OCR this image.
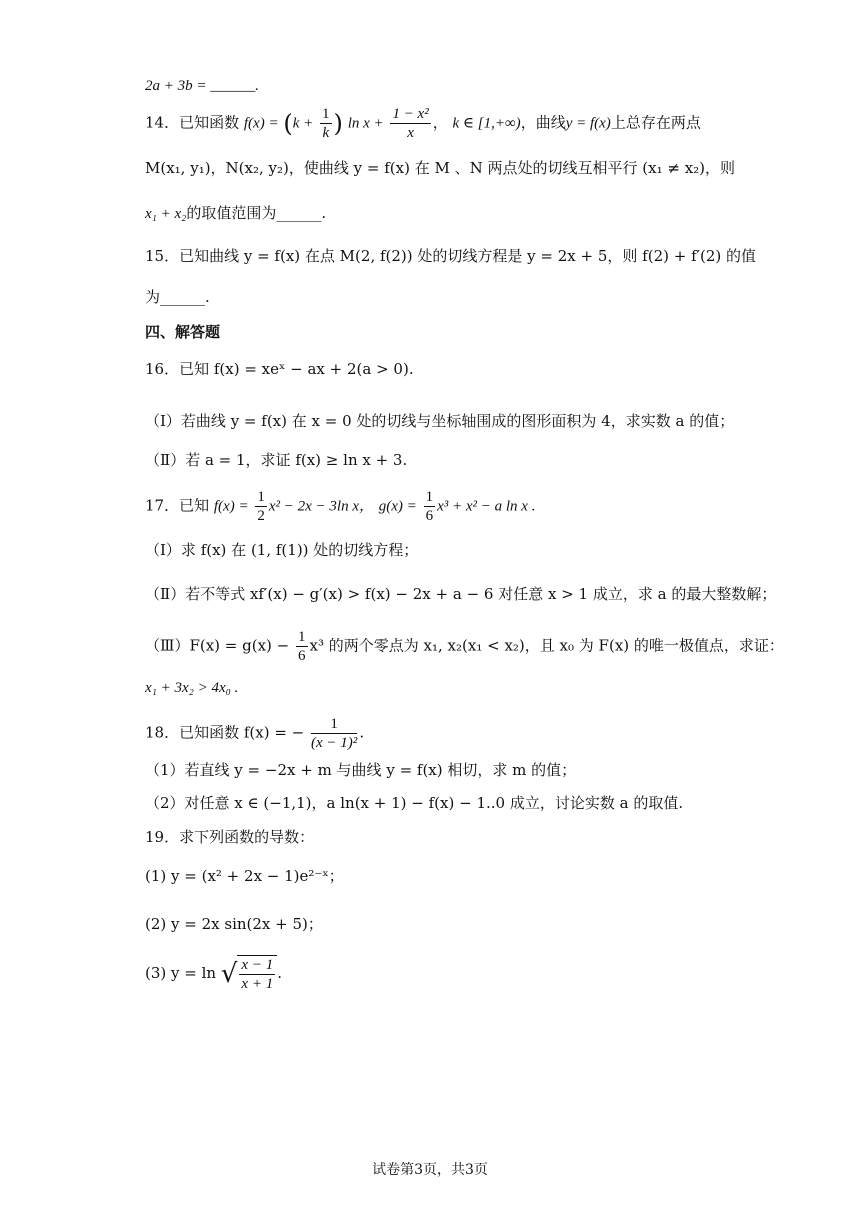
2a + 3b = ______.
14．已知函数 $f(x) = (k + \frac{1}{k}$ ) $\ln x + \frac{\text{1 − x²}}{x}$ ， k ∈ [1,+∞)，曲线y = f(x)上总存在两点
M(x₁, y₁)，N(x₂, y₂)，使曲线 y = f(x) 在 M 、N 两点处的切线互相平行 (x₁ ≠ x₂)，则
x₁ + x₂的取值范围为______.
15．已知曲线 y = f(x) 在点 M(2, f(2)) 处的切线方程是 y = 2x + 5，则 f(2) + f′(2) 的值
为______.
四、解答题
16．已知 f(x) = xeˣ − ax + 2(a > 0).
（Ⅰ）若曲线 y = f(x) 在 x = 0 处的切线与坐标轴围成的图形面积为 4，求实数 a 的值；
（Ⅱ）若 a = 1，求证 f(x) ≥ ln x + 3.
17．已知 $f(x) = \frac{1}{2} x^2 - 2x - 3\ln$ x， $g(x) = \frac{1}{6} x^3 + x^2 - a$ ln x .
（Ⅰ）求 f(x) 在 (1, f(1)) 处的切线方程；
（Ⅱ）若不等式 xf′(x) − g′(x) > f(x) − 2x + a − 6 对任意 x > 1 成立，求 a 的最大整数解；
（Ⅲ）F(x) = $g(x) - \frac{1}{6} x^3$ 的两个零点为 x₁, x₂(x₁ < x₂)，且 x₀ 为 F(x) 的唯一极值点，求证：
x₁ + 3x₂ > 4x₀ .
18．已知函数 f(x) = − $\frac{1}{\text{(x − 1)²}}$ .
（1）若直线 y = −2x + m 与曲线 y = f(x) 相切，求 m 的值；
（2）对任意 x ∈ (−1,1)，a ln(x + 1) − f(x) − 1..0 成立，讨论实数 a 的取值.
19．求下列函数的导数：
(1) y = (x² + 2x − 1)e²⁻ˣ；
(2) y = 2x sin(2x + 5)；
(3) y = ln √ $\frac{x - 1}{x + 1}$ .
试卷第3页，共3页
